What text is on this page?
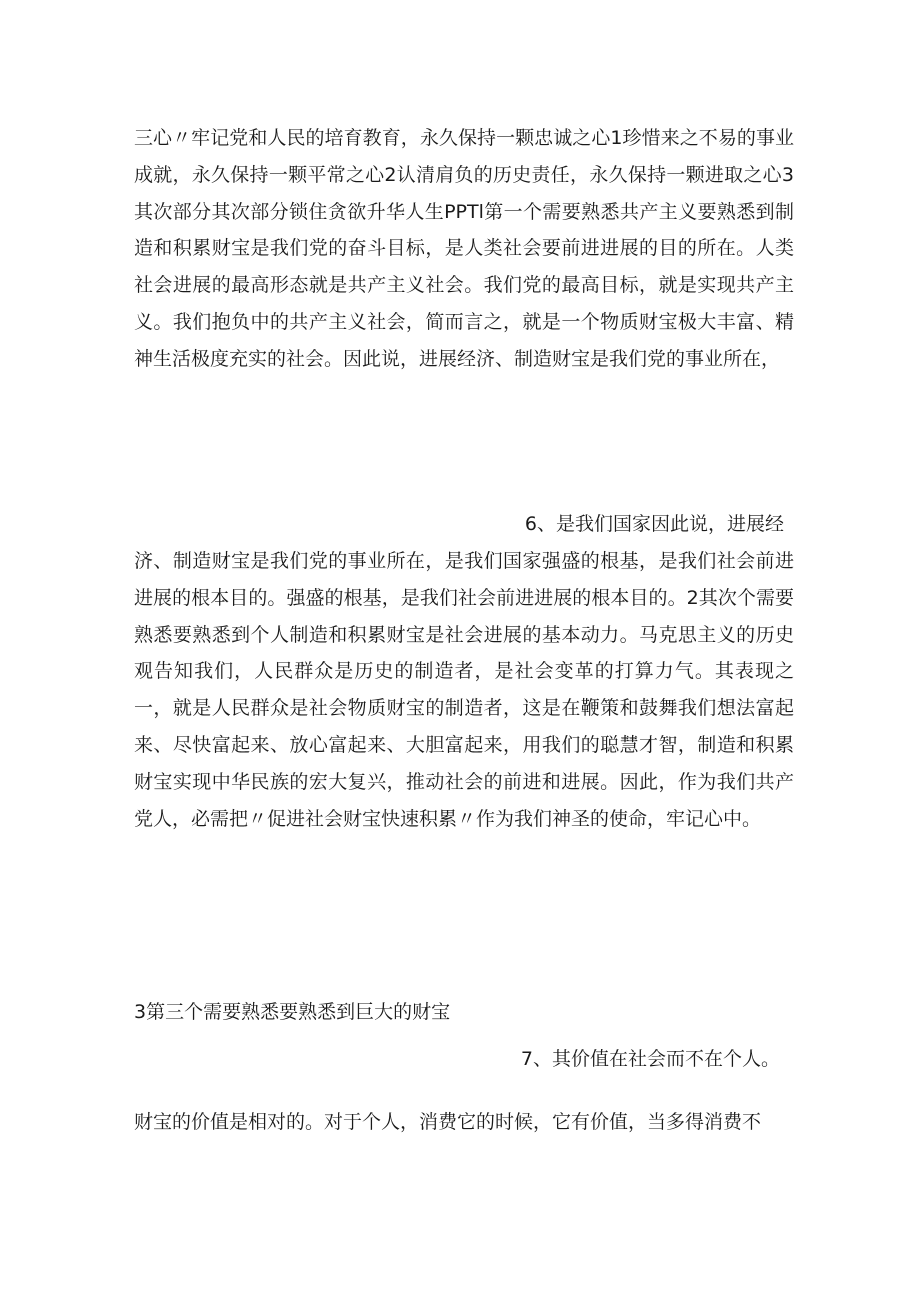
三心〃牢记党和人民的培育教育，永久保持一颗忠诚之心1珍惜来之不易的事业成就，永久保持一颗平常之心2认清肩负的历史责任，永久保持一颗进取之心3其次部分其次部分锁住贪欲升华人生PPTl第一个需要熟悉共产主义要熟悉到制造和积累财宝是我们党的奋斗目标，是人类社会要前进进展的目的所在。人类社会进展的最高形态就是共产主义社会。我们党的最高目标，就是实现共产主义。我们抱负中的共产主义社会，简而言之，就是一个物质财宝极大丰富、精神生活极度充实的社会。因此说，进展经济、制造财宝是我们党的事业所在，

6、是我们国家因此说，进展经

济、制造财宝是我们党的事业所在，是我们国家强盛的根基，是我们社会前进进展的根本目的。强盛的根基，是我们社会前进进展的根本目的。2其次个需要熟悉要熟悉到个人制造和积累财宝是社会进展的基本动力。马克思主义的历史观告知我们，人民群众是历史的制造者，是社会变革的打算力气。其表现之一，就是人民群众是社会物质财宝的制造者，这是在鞭策和鼓舞我们想法富起来、尽快富起来、放心富起来、大胆富起来，用我们的聪慧才智，制造和积累财宝实现中华民族的宏大复兴，推动社会的前进和进展。因此，作为我们共产党人，必需把〃促进社会财宝快速积累〃作为我们神圣的使命，牢记心中。

3第三个需要熟悉要熟悉到巨大的财宝

7、其价值在社会而不在个人。

财宝的价值是相对的。对于个人，消费它的时候，它有价值，当多得消费不
